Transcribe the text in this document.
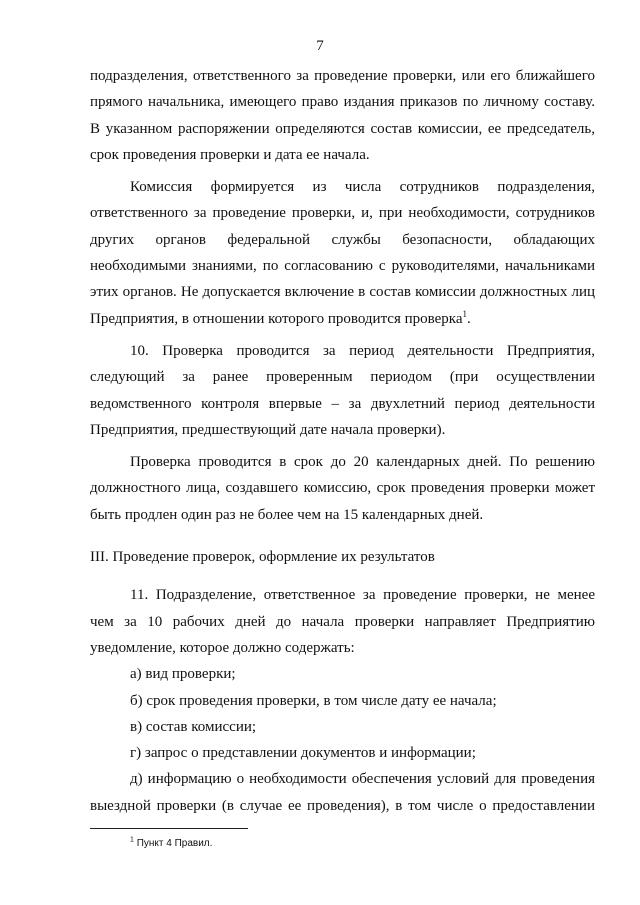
7

подразделения, ответственного за проведение проверки, или его ближайшего прямого начальника, имеющего право издания приказов по личному составу. В указанном распоряжении определяются состав комиссии, ее председатель, срок проведения проверки и дата ее начала.

Комиссия формируется из числа сотрудников подразделения, ответственного за проведение проверки, и, при необходимости, сотрудников других органов федеральной службы безопасности, обладающих необходимыми знаниями, по согласованию с руководителями, начальниками этих органов. Не допускается включение в состав комиссии должностных лиц Предприятия, в отношении которого проводится проверка$^1$.

10. Проверка проводится за период деятельности Предприятия, следующий за ранее проверенным периодом (при осуществлении ведомственного контроля впервые – за двухлетний период деятельности Предприятия, предшествующий дате начала проверки).

Проверка проводится в срок до 20 календарных дней. По решению должностного лица, создавшего комиссию, срок проведения проверки может быть продлен один раз не более чем на 15 календарных дней.

III. Проведение проверок, оформление их результатов

11. Подразделение, ответственное за проведение проверки, не менее чем за 10 рабочих дней до начала проверки направляет Предприятию уведомление, которое должно содержать:

а) вид проверки;

б) срок проведения проверки, в том числе дату ее начала;

в) состав комиссии;

г) запрос о представлении документов и информации;

д) информацию о необходимости обеспечения условий для проведения выездной проверки (в случае ее проведения), в том числе о предоставлении

$^1$ Пункт 4 Правил.
